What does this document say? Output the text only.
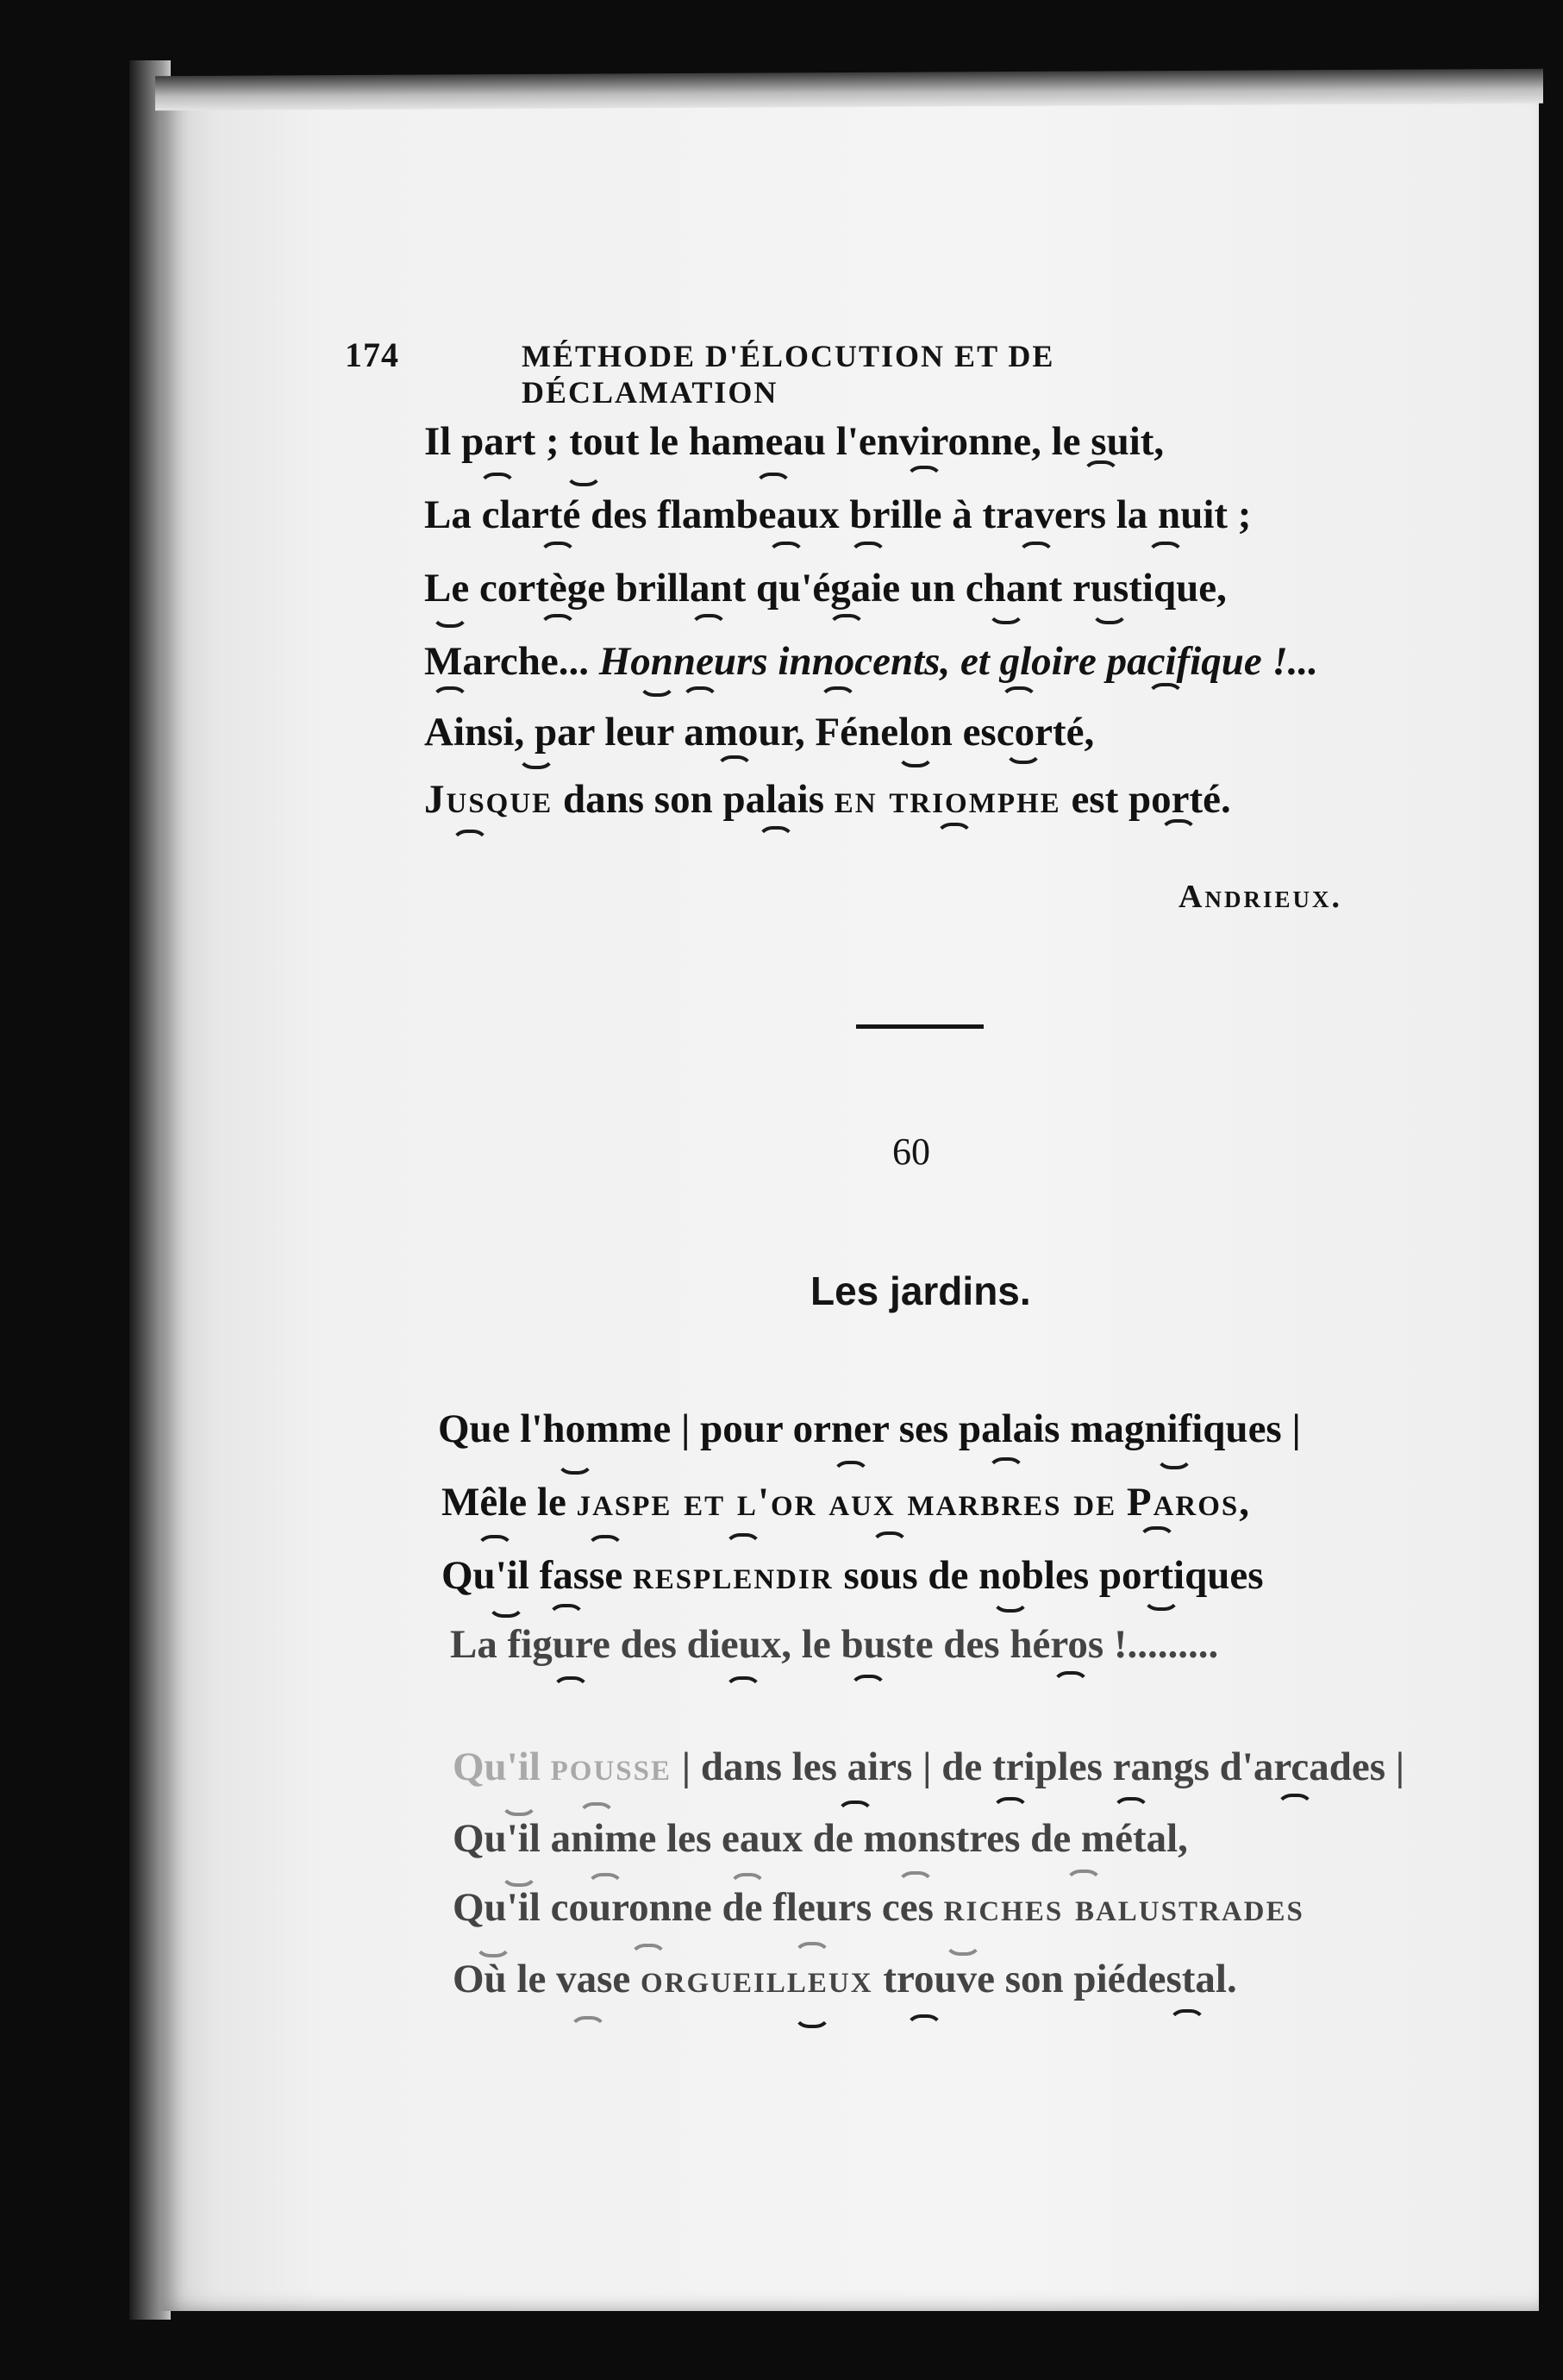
174	MÉTHODE D'ÉLOCUTION ET DE DÉCLAMATION
Il part ; tout le hameau l'environne, le suit,
La clarté des flambeaux brille à travers la nuit ;
Le cortège brillant qu'égaie un chant rustique,
Marche... Honneurs innocents, et gloire pacifique !...
Ainsi, par leur amour, Fénelon escorté,
Jusque dans son palais en triomphe est porté.
Andrieux.
60
Les jardins.
Que l'homme | pour orner ses palais magnifiques |
Mêle le jaspe et l'or aux marbres de Paros,
Qu'il fasse resplendir sous de nobles portiques
La figure des dieux, le buste des héros !.........
Qu'il pousse | dans les airs | de triples rangs d'arcades |
Qu'il anime les eaux de monstres de métal,
Qu'il couronne de fleurs ces riches balustrades
Où le vase orgueilleux trouve son piédestal.
